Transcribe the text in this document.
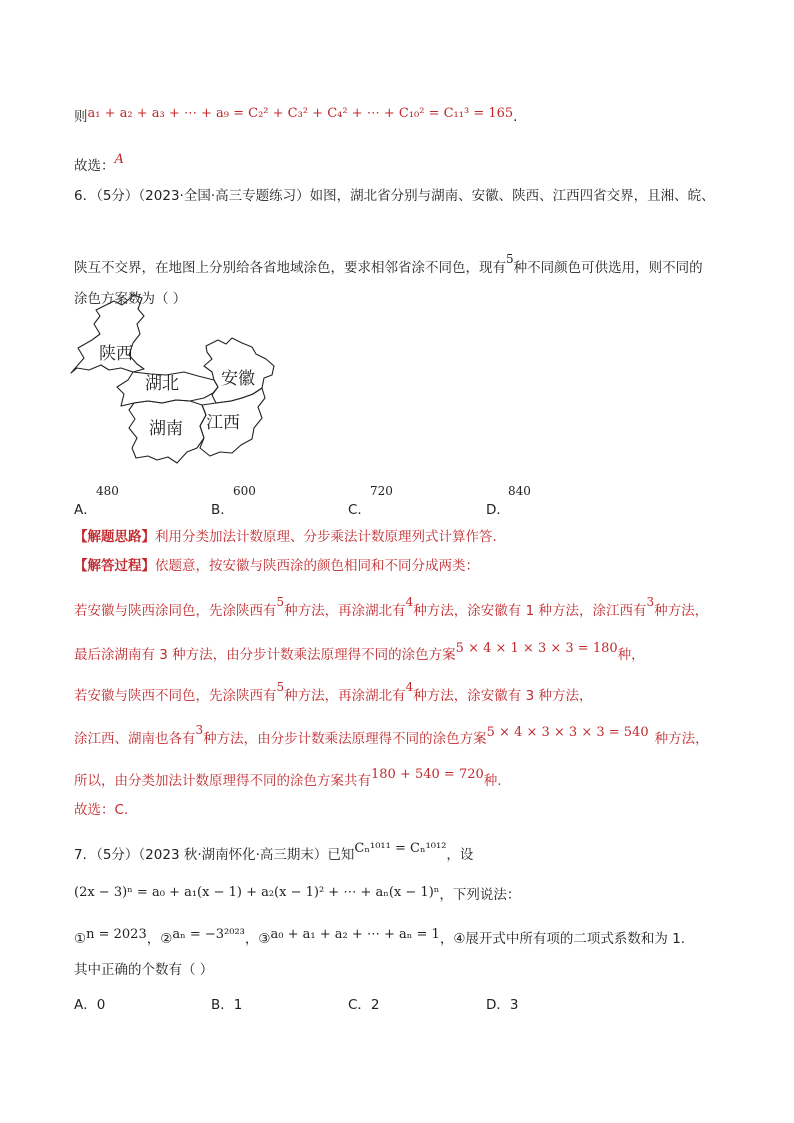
则a₁ + a₂ + a₃ + ⋯ + a₉ = C₂² + C₃² + C₄² + ⋯ + C₁₀² = C₁₁³ = 165.
故选：A
6．（5分）（2023·全国·高三专题练习）如图，湖北省分别与湖南、安徽、陕西、江西四省交界，且湘、皖、
陕互不交界，在地图上分别给各省地域涂色，要求相邻省涂不同色，现有5种不同颜色可供选用，则不同的
涂色方案数为（ ）
陕西
湖北 安徽
湖南 江西
A．
480
B．
600
C．
720
D．
840
【解题思路】利用分类加法计数原理、分步乘法计数原理列式计算作答.
【解答过程】依题意，按安徽与陕西涂的颜色相同和不同分成两类：
若安徽与陕西涂同色，先涂陕西有5种方法，再涂湖北有4种方法，涂安徽有 1 种方法，涂江西有3种方法，
最后涂湖南有 3 种方法，由分步计数乘法原理得不同的涂色方案5 × 4 × 1 × 3 × 3 = 180种，
若安徽与陕西不同色，先涂陕西有5种方法，再涂湖北有4种方法，涂安徽有 3 种方法，
涂江西、湖南也各有3种方法，由分步计数乘法原理得不同的涂色方案5 × 4 × 3 × 3 × 3 = 540 种方法，
所以，由分类加法计数原理得不同的涂色方案共有180 + 540 = 720种.
故选：C.
7．（5分）（2023 秋·湖南怀化·高三期末）已知Cₙ¹⁰¹¹ = Cₙ¹⁰¹²，设
(2x − 3)ⁿ = a₀ + a₁(x − 1) + a₂(x − 1)² + ⋯ + aₙ(x − 1)ⁿ，下列说法：
①n = 2023，②aₙ = −3²⁰²³，③a₀ + a₁ + a₂ + ⋯ + aₙ = 1，④展开式中所有项的二项式系数和为 1.
其中正确的个数有（ ）
A．0	B．1	C．2	D．3
